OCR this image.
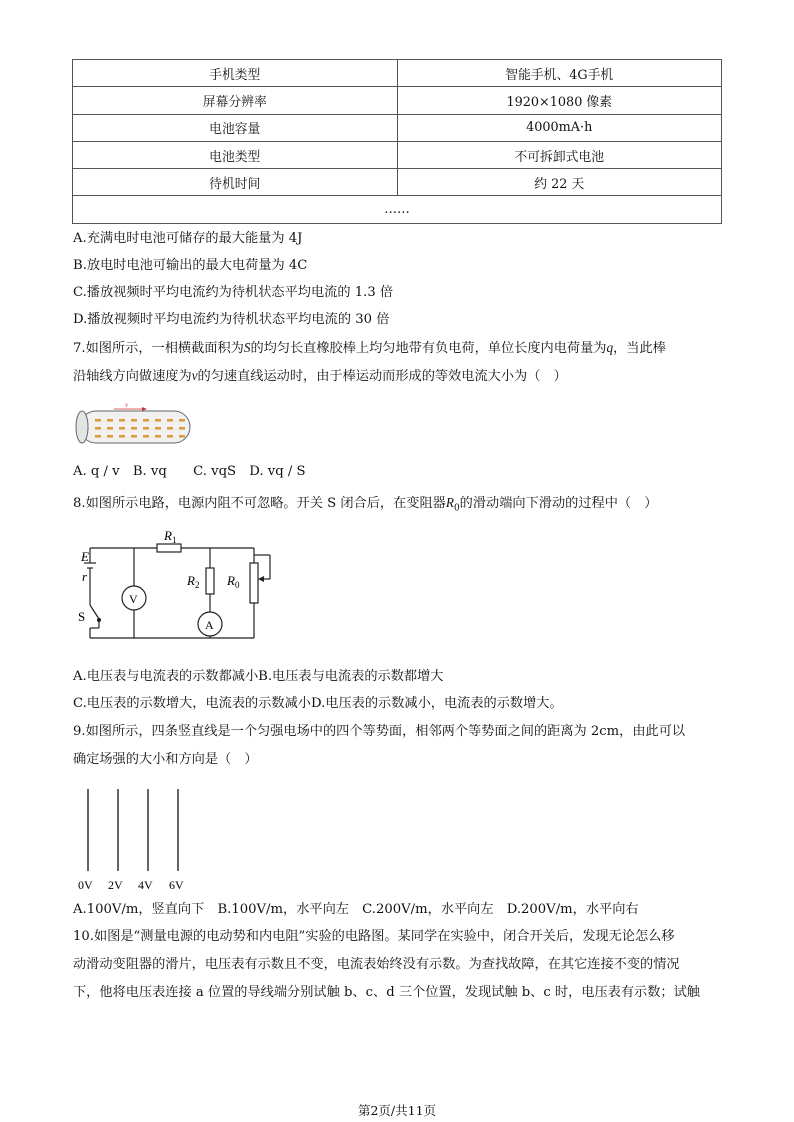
手机类型	智能手机、4G手机
屏幕分辨率	1920×1080 像素
电池容量	4000mA·h
电池类型	不可拆卸式电池
待机时间	约 22 天
……	
A.充满电时电池可储存的最大能量为 4J
B.放电时电池可输出的最大电荷量为 4C
C.播放视频时平均电流约为待机状态平均电流的 1.3 倍
D.播放视频时平均电流约为待机状态平均电流的 30 倍
7.如图所示，一相横截面积为S的均匀长直橡胶棒上均匀地带有负电荷，单位长度内电荷量为q，当此棒
沿轴线方向做速度为v的匀速直线运动时，由于棒运动而形成的等效电流大小为（　）
v
A. q / v　B. vq　　C. vqS　D. vq / S
8.如图所示电路，电源内阻不可忽略。开关 S 闭合后，在变阻器$R_0$的滑动端向下滑动的过程中（　）
$R_1$
$R_2$ $R_0$
E
r
S
V
A
A.电压表与电流表的示数都减小B.电压表与电流表的示数都增大
C.电压表的示数增大，电流表的示数减小D.电压表的示数减小，电流表的示数增大。
9.如图所示，四条竖直线是一个匀强电场中的四个等势面，相邻两个等势面之间的距离为 2cm，由此可以
确定场强的大小和方向是（　）
0V 2V 4V 6V
A.100V/m，竖直向下　B.100V/m，水平向左　C.200V/m，水平向左　D.200V/m，水平向右
10.如图是“测量电源的电动势和内电阻”实验的电路图。某同学在实验中，闭合开关后，发现无论怎么移
动滑动变阻器的滑片，电压表有示数且不变，电流表始终没有示数。为查找故障，在其它连接不变的情况
下，他将电压表连接 a 位置的导线端分别试触 b、c、d 三个位置，发现试触 b、c 时，电压表有示数；试触
第2页/共11页
